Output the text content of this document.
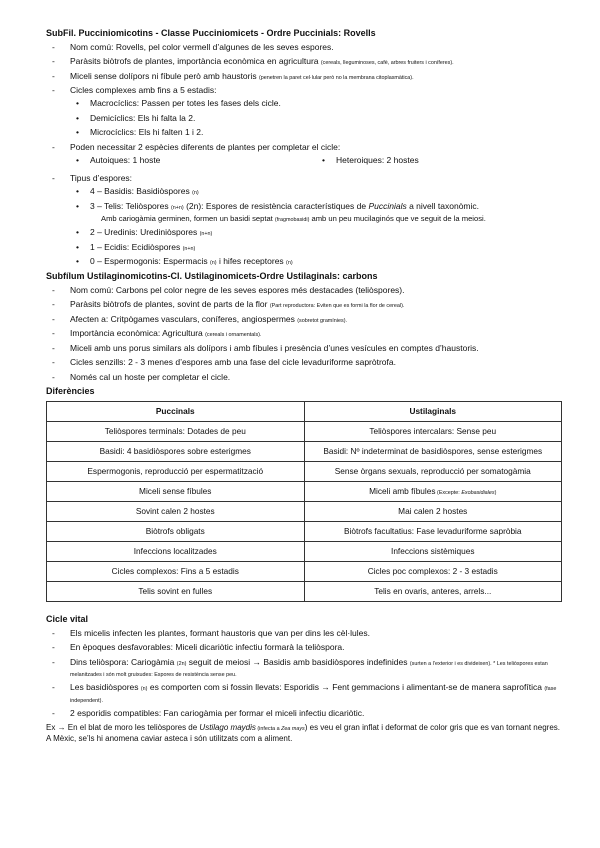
SubFil. Pucciniomicotins - Classe Pucciniomicets - Ordre Puccinials: Rovells
- Nom comú: Rovells, pel color vermell d’algunes de les seves espores.
- Paràsits biòtrofs de plantes, importància econòmica en agricultura (cereals, lleguminoses, cafè, arbres fruiters i coníferes).
- Miceli sense dolípors ni fíbule però amb haustoris (penetren la paret cel·lular però no la membrana citoplasmàtica).
- Cicles complexes amb fins a 5 estadis:
• Macrocíclics: Passen per totes les fases dels cicle.
• Demicíclics: Els hi falta la 2.
• Microcíclics: Els hi falten 1 i 2.
- Poden necessitar 2 espècies diferents de plantes per completar el cicle:
• Autoiques: 1 hoste	• Heteroiques: 2 hostes
- Tipus d’espores:
• 4 – Basidis: Basidiòspores (n)
• 3 – Telis: Teliòspores (n+n) (2n): Espores de resistència característiques de Puccinials a nivell taxonòmic.
Amb cariogàmia germinen, formen un basidi septat (fragmobasidi) amb un peu mucilaginós que ve seguit de la meiosi.
• 2 – Uredinis: Urediniòspores (n+n)
• 1 – Ecidis: Ecidiòspores (n+n)
• 0 – Espermogonis: Espermacis (n) i hifes receptores (n)
Subfílum Ustilaginomicotins-Cl. Ustilaginomicets-Ordre Ustilaginals: carbons
- Nom comú: Carbons pel color negre de les seves espores més destacades (teliòspores).
- Paràsits biòtrofs de plantes, sovint de parts de la flor (Part reproductora: Eviten que es formi la flor de cereal).
- Afecten a: Critpògames vasculars, coníferes, angiospermes (sobretot gramínies).
- Importància econòmica: Agricultura (cereals i ornamentals).
- Miceli amb uns porus similars als dolípors i amb fíbules i presència d’unes vesícules en comptes d’haustoris.
- Cicles senzills: 2 - 3 menes d’espores amb una fase del cicle levaduriforme sapròtrofa.
- Només cal un hoste per completar el cicle.
Diferències
Puccinals	Ustilaginals
Teliòspores terminals: Dotades de peu	Teliòspores intercalars: Sense peu
Basidi: 4 basidiòspores sobre esterigmes	Basidi: Nº indeterminat de basidiòspores, sense esterigmes
Espermogonis, reproducció per espermatització	Sense òrgans sexuals, reproducció per somatogàmia
Miceli sense fíbules	Miceli amb fíbules (Excepte: Exobasidiales)
Sovint calen 2 hostes	Mai calen 2 hostes
Biòtrofs obligats	Biòtrofs facultatius: Fase levaduriforme sapròbia
Infeccions localitzades	Infeccions sistèmiques
Cicles complexos: Fins a 5 estadis	Cicles poc complexos: 2 - 3 estadis
Telis sovint en fulles	Telis en ovaris, anteres, arrels...
Cicle vital
- Els micelis infecten les plantes, formant haustoris que van per dins les cèl·lules.
- En èpoques desfavorables: Miceli dicariòtic infectiu formarà la teliòspora.
- Dins teliòspora: Cariogàmia (2n) seguit de meiosi → Basidis amb basidiòspores indefinides (surten a l’exterior i es divideixen). * Les teliòspores estan melanitzades i són molt gruixudes: Espores de resistència sense peu.
- Les basidiòspores (n) es comporten com si fossin llevats: Esporidis → Fent gemmacions i alimentant-se de manera saprofítica (fase independent).
- 2 esporidis compatibles: Fan cariogàmia per formar el miceli infectiu dicariòtic.
Ex → En el blat de moro les teliòspores de Ustilago maydis (infecta a Zea mays) es veu el gran inflat i deformat de color gris que es van tornant negres. A Mèxic, se’ls hi anomena caviar asteca i són utilitzats com a aliment.
